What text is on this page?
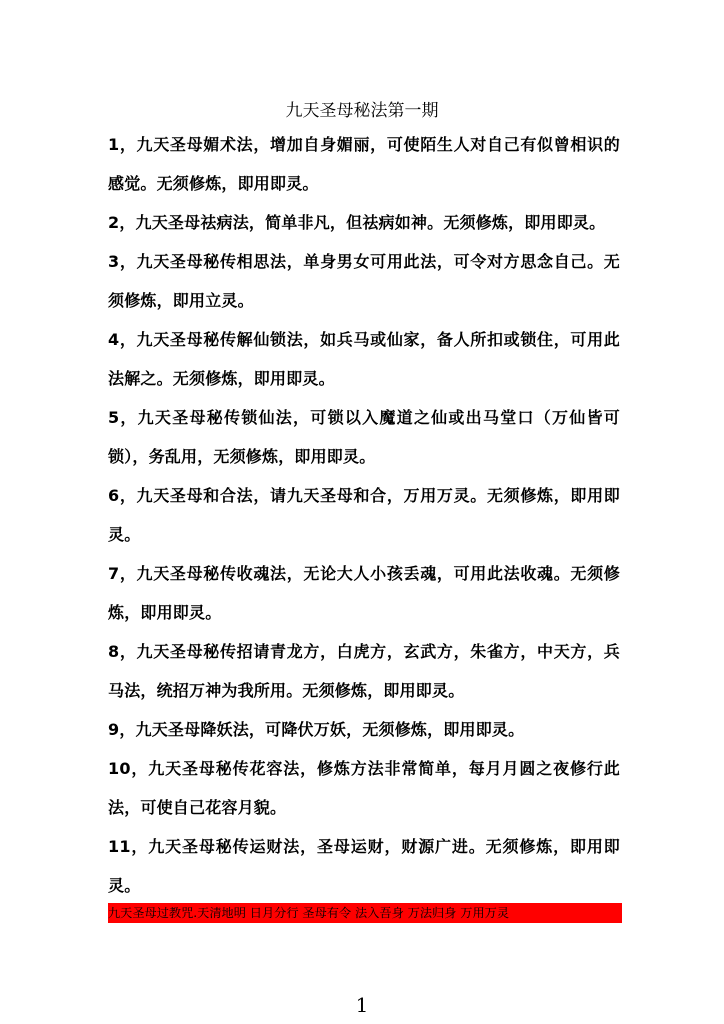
九天圣母秘法第一期
1，九天圣母媚术法，增加自身媚丽，可使陌生人对自己有似曾相识的感觉。无须修炼，即用即灵。
2，九天圣母祛病法，简单非凡，但祛病如神。无须修炼，即用即灵。
3，九天圣母秘传相思法，单身男女可用此法，可令对方思念自己。无须修炼，即用立灵。
4，九天圣母秘传解仙锁法，如兵马或仙家，备人所扣或锁住，可用此法解之。无须修炼，即用即灵。
5，九天圣母秘传锁仙法，可锁以入魔道之仙或出马堂口（万仙皆可锁），务乱用，无须修炼，即用即灵。
6，九天圣母和合法，请九天圣母和合，万用万灵。无须修炼，即用即灵。
7，九天圣母秘传收魂法，无论大人小孩丢魂，可用此法收魂。无须修炼，即用即灵。
8，九天圣母秘传招请青龙方，白虎方，玄武方，朱雀方，中天方，兵马法，统招万神为我所用。无须修炼，即用即灵。
9，九天圣母降妖法，可降伏万妖，无须修炼，即用即灵。
10，九天圣母秘传花容法，修炼方法非常简单，每月月圆之夜修行此法，可使自己花容月貌。
11，九天圣母秘传运财法，圣母运财，财源广进。无须修炼，即用即灵。
九天圣母过教咒.天清地明 日月分行 圣母有令 法入吾身 万法归身 万用万灵
1
